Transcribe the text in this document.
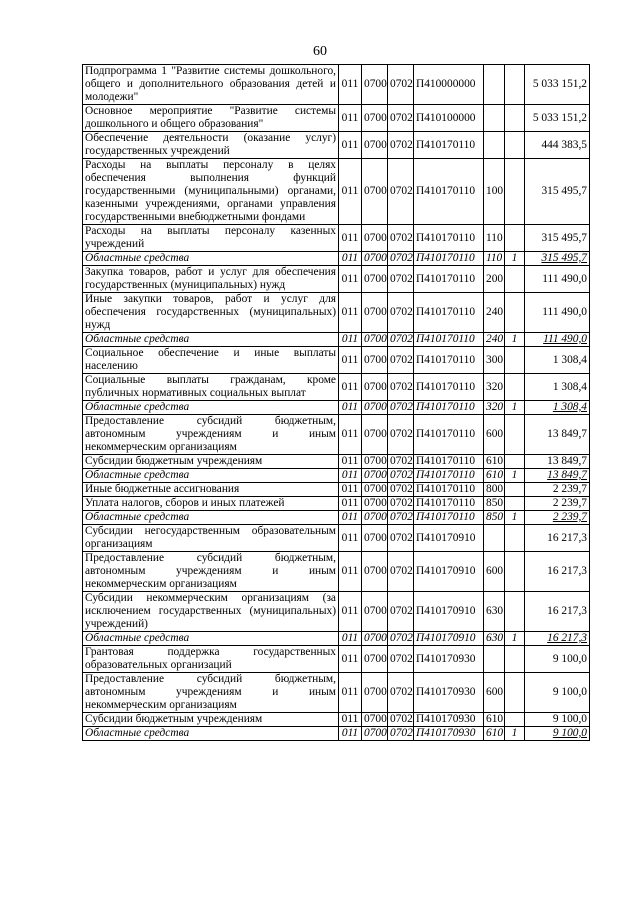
60
Подпрограмма 1 "Развитие системы дошкольного, общего и дополнительного образования детей и молодежи"	011	0700	0702	П410000000			5 033 151,2
Основное мероприятие "Развитие системы дошкольного и общего образования"	011	0700	0702	П410100000			5 033 151,2
Обеспечение деятельности (оказание услуг) государственных учреждений	011	0700	0702	П410170110			444 383,5
Расходы на выплаты персоналу в целях обеспечения выполнения функций государственными (муниципальными) органами, казенными учреждениями, органами управления государственными внебюджетными фондами	011	0700	0702	П410170110	100		315 495,7
Расходы на выплаты персоналу казенных учреждений	011	0700	0702	П410170110	110		315 495,7
Областные средства	011	0700	0702	П410170110	110	1	315 495,7
Закупка товаров, работ и услуг для обеспечения государственных (муниципальных) нужд	011	0700	0702	П410170110	200		111 490,0
Иные закупки товаров, работ и услуг для обеспечения государственных (муниципальных) нужд	011	0700	0702	П410170110	240		111 490,0
Областные средства	011	0700	0702	П410170110	240	1	111 490,0
Социальное обеспечение и иные выплаты населению	011	0700	0702	П410170110	300		1 308,4
Социальные выплаты гражданам, кроме публичных нормативных социальных выплат	011	0700	0702	П410170110	320		1 308,4
Областные средства	011	0700	0702	П410170110	320	1	1 308,4
Предоставление субсидий бюджетным, автономным учреждениям и иным некоммерческим организациям	011	0700	0702	П410170110	600		13 849,7
Субсидии бюджетным учреждениям	011	0700	0702	П410170110	610		13 849,7
Областные средства	011	0700	0702	П410170110	610	1	13 849,7
Иные бюджетные ассигнования	011	0700	0702	П410170110	800		2 239,7
Уплата налогов, сборов и иных платежей	011	0700	0702	П410170110	850		2 239,7
Областные средства	011	0700	0702	П410170110	850	1	2 239,7
Субсидии негосударственным образовательным организациям	011	0700	0702	П410170910			16 217,3
Предоставление субсидий бюджетным, автономным учреждениям и иным некоммерческим организациям	011	0700	0702	П410170910	600		16 217,3
Субсидии некоммерческим организациям (за исключением государственных (муниципальных) учреждений)	011	0700	0702	П410170910	630		16 217,3
Областные средства	011	0700	0702	П410170910	630	1	16 217,3
Грантовая поддержка государственных образовательных организаций	011	0700	0702	П410170930			9 100,0
Предоставление субсидий бюджетным, автономным учреждениям и иным некоммерческим организациям	011	0700	0702	П410170930	600		9 100,0
Субсидии бюджетным учреждениям	011	0700	0702	П410170930	610		9 100,0
Областные средства	011	0700	0702	П410170930	610	1	9 100,0
